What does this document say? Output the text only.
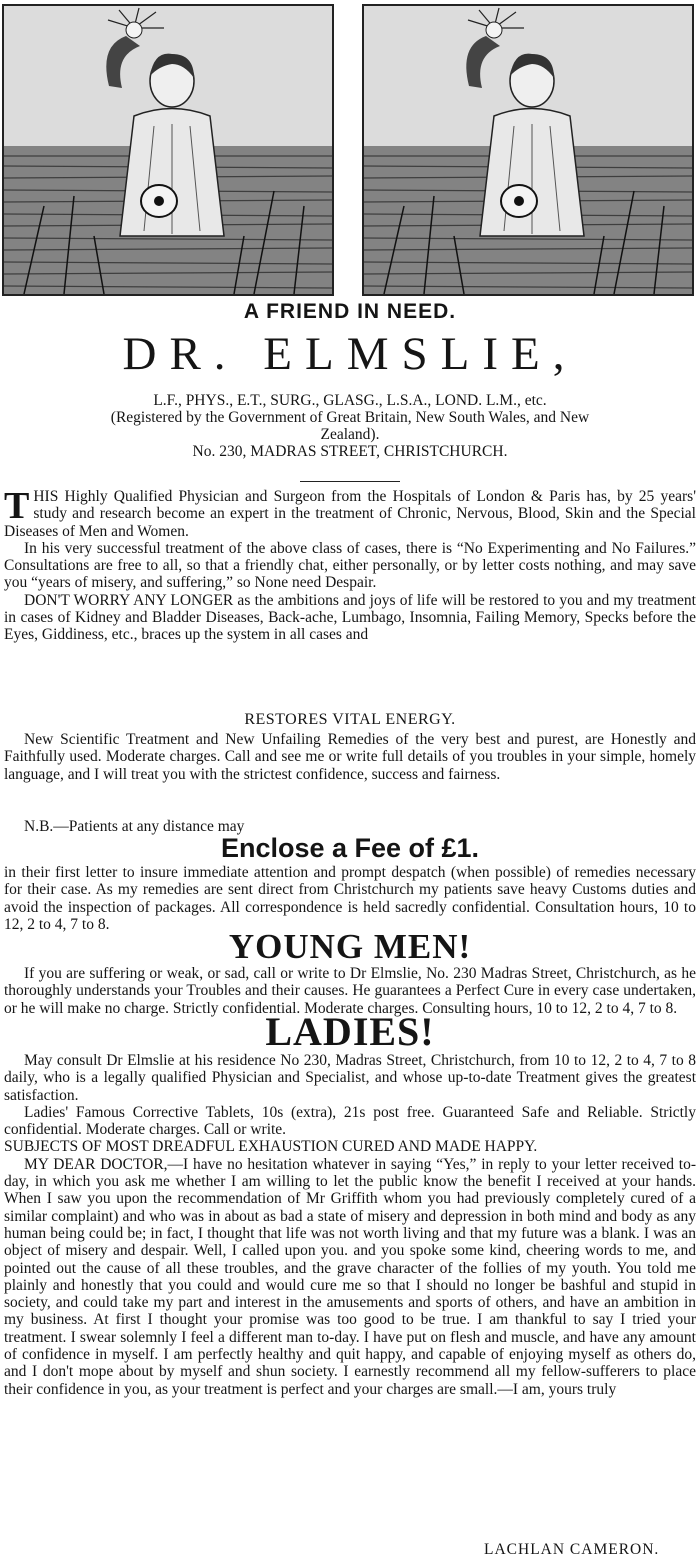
A FRIEND IN NEED.
DR. ELMSLIE,
L.F., PHYS., E.T., SURG., GLASG., L.S.A., LOND. L.M., etc.
(Registered by the Government of Great Britain, New South Wales, and New
Zealand).
No. 230, MADRAS STREET, CHRISTCHURCH.

THIS Highly Qualified Physician and Surgeon from the Hospitals of London & Paris has, by 25 years' study and research become an expert in the treatment of Chronic, Nervous, Blood, Skin and the Special Diseases of Men and Women.

In his very successful treatment of the above class of cases, there is “No Experimenting and No Failures.” Consultations are free to all, so that a friendly chat, either personally, or by letter costs nothing, and may save you “years of misery, and suffering,” so None need Despair.

DON'T WORRY ANY LONGER as the ambitions and joys of life will be restored to you and my treatment in cases of Kidney and Bladder Diseases, Back-ache, Lumbago, Insomnia, Failing Memory, Specks before the Eyes, Giddiness, etc., braces up the system in all cases and

RESTORES VITAL ENERGY.

New Scientific Treatment and New Unfailing Remedies of the very best and purest, are Honestly and Faithfully used. Moderate charges. Call and see me or write full details of you troubles in your simple, homely language, and I will treat you with the strictest confidence, success and fairness.

N.B.—Patients at any distance may
Enclose a Fee of £1.

in their first letter to insure immediate attention and prompt despatch (when possible) of remedies necessary for their case. As my remedies are sent direct from Christchurch my patients save heavy Customs duties and avoid the inspection of packages. All correspondence is held sacredly confidential. Consultation hours, 10 to 12, 2 to 4, 7 to 8.

YOUNG MEN!

If you are suffering or weak, or sad, call or write to Dr Elmslie, No. 230 Madras Street, Christchurch, as he thoroughly understands your Troubles and their causes. He guarantees a Perfect Cure in every case undertaken, or he will make no charge. Strictly confidential. Moderate charges. Consulting hours, 10 to 12, 2 to 4, 7 to 8.

LADIES!

May consult Dr Elmslie at his residence No 230, Madras Street, Christchurch, from 10 to 12, 2 to 4, 7 to 8 daily, who is a legally qualified Physician and Specialist, and whose up-to-date Treatment gives the greatest satisfaction.

Ladies' Famous Corrective Tablets, 10s (extra), 21s post free. Guaranteed Safe and Reliable. Strictly confidential. Moderate charges. Call or write.

SUBJECTS OF MOST DREADFUL EXHAUSTION CURED AND MADE HAPPY.

MY DEAR DOCTOR,—I have no hesitation whatever in saying “Yes,” in reply to your letter received to-day, in which you ask me whether I am willing to let the public know the benefit I received at your hands. When I saw you upon the recommendation of Mr Griffith whom you had previously completely cured of a similar complaint) and who was in about as bad a state of misery and depression in both mind and body as any human being could be; in fact, I thought that life was not worth living and that my future was a blank. I was an object of misery and despair. Well, I called upon you. and you spoke some kind, cheering words to me, and pointed out the cause of all these troubles, and the grave character of the follies of my youth. You told me plainly and honestly that you could and would cure me so that I should no longer be bashful and stupid in society, and could take my part and interest in the amusements and sports of others, and have an ambition in my business. At first I thought your promise was too good to be true. I am thankful to say I tried your treatment. I swear solemnly I feel a different man to-day. I have put on flesh and muscle, and have any amount of confidence in myself. I am perfectly healthy and quit happy, and capable of enjoying myself as others do, and I don't mope about by myself and shun society. I earnestly recommend all my fellow-sufferers to place their confidence in you, as your treatment is perfect and your charges are small.—I am, yours truly

LACHLAN CAMERON.
